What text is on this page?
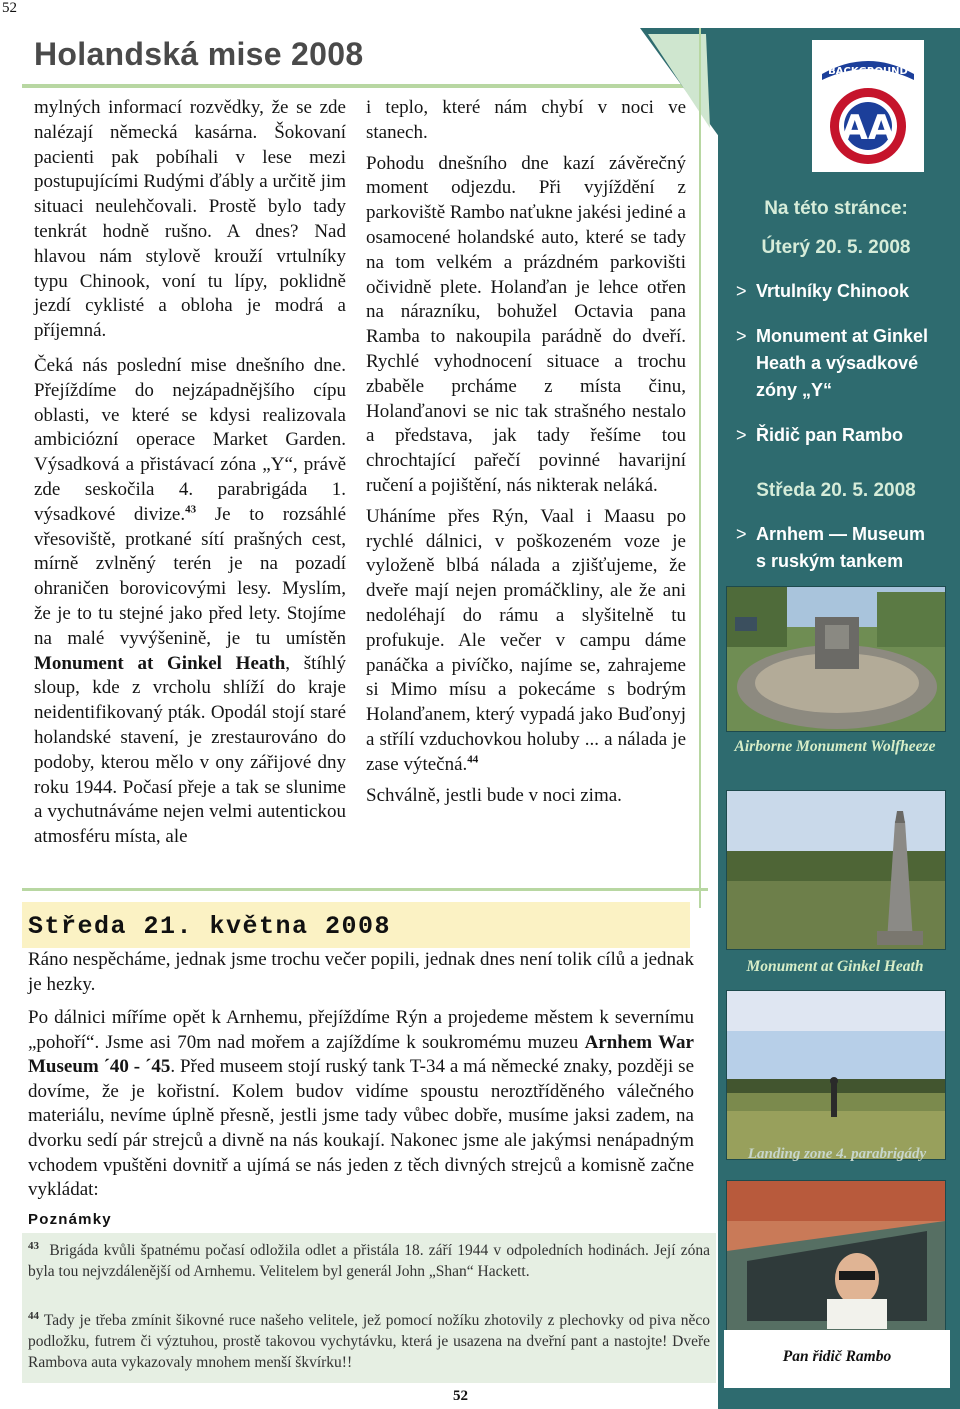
52
Holandská mise 2008

mylných informací rozvědky, že se zde nalézají německá kasárna. Šokovaní pacienti pak pobíhali v lese mezi postupujícími Rudými ďábly a určitě jim situaci neulehčovali. Prostě bylo tady tenkrát hodně rušno. A dnes? Nad hlavou nám stylově krouží vrtulníky typu Chinook, voní tu lípy, poklidně jezdí cyklisté a obloha je modrá a příjemná.

Čeká nás poslední mise dnešního dne. Přejíždíme do nejzápadnějšího cípu oblasti, ve které se kdysi realizovala ambiciózní operace Market Garden. Výsadková a přistávací zóna „Y“, právě zde seskočila 4. parabrigáda 1. výsadkové divize.$^{43}$ Je to rozsáhlé vřesoviště, protkané sítí prašných cest, mírně zvlněný terén je na pozadí ohraničen borovicovými lesy. Myslím, že je to tu stejné jako před lety. Stojíme na malé vyvýšenině, je tu umístěn Monument at Ginkel Heath, štíhlý sloup, kde z vrcholu shlíží do kraje neidentifikovaný pták. Opodál stojí staré holandské stavení, je zrestaurováno do podoby, kterou mělo v ony zářijové dny roku 1944. Počasí přeje a tak se slunime a vychutnáváme nejen velmi autentickou atmosféru místa, ale

i teplo, které nám chybí v noci ve stanech.

Pohodu dnešního dne kazí závěrečný moment odjezdu. Při vyjíždění z parkoviště Rambo naťukne jakési jediné a osamocené holandské auto, které se tady na tom velkém a prázdném parkovišti očividně plete. Holanďan je lehce otřen na nárazníku, bohužel Octavia pana Ramba to nakoupila parádně do dveří. Rychlé vyhodnocení situace a trochu zbaběle prcháme z místa činu, Holanďanovi se nic tak strašného nestalo a představa, jak tady řešíme tou chrochtající pařečí povinné havarijní ručení a pojištění, nás nikterak neláká.

Uháníme přes Rýn, Vaal i Maasu po rychlé dálnici, v poškozeném voze je vyloženě blbá nálada a zjišťujeme, že dveře mají nejen promáčkliny, ale že ani nedoléhají do rámu a slyšitelně tu profukuje. Ale večer v campu dáme panáčka a pivíčko, najíme se, zahrajeme si Mimo mísu a pokecáme s bodrým Holanďanem, který vypadá jako Buďonyj a střílí vzduchovkou holuby ... a nálada je zase výtečná.$^{44}$

Schválně, jestli bude v noci zima.

BACKGROUND
AA
Na této stránce:
Úterý 20. 5. 2008
> Vrtulníky Chinook
> Monument at Ginkel Heath a výsadkové zóny „Y“
> Řidič pan Rambo
Středa 20. 5. 2008
> Arnhem — Museum s ruským tankem
Airborne Monument Wolfheeze
Monument at Ginkel Heath
Landing zone 4. parabrigády
Pan řidič Rambo
Středa 21. května 2008
Ráno nespěcháme, jednak jsme trochu večer popili, jednak dnes není tolik cílů a jednak je hezky.
Po dálnici míříme opět k Arnhemu, přejíždíme Rýn a projedeme městem k severnímu „pohoří“. Jsme asi 70m nad mořem a zajíždíme k soukromému muzeu Arnhem War Museum ´40 - ´45. Před museem stojí ruský tank T-34 a má německé znaky, později se dovíme, že je kořistní. Kolem budov vidíme spoustu neroztříděného válečného materiálu, nevíme úplně přesně, jestli jsme tady vůbec dobře, musíme jaksi zadem, na dvorku sedí pár strejců a divně na nás koukají. Nakonec jsme ale jakýmsi nenápadným vchodem vpuštěni dovnitř a ujímá se nás jeden z těch divných strejců a komisně začne vykládat:
Poznámky
$^{43}$ Brigáda kvůli špatnému počasí odložila odlet a přistála 18. září 1944 v odpoledních hodinách. Její zóna byla tou nejvzdálenější od Arnhemu. Velitelem byl generál John „Shan“ Hackett.
$^{44}$ Tady je třeba zmínit šikovné ruce našeho velitele, jež pomocí nožíku zhotovily z plechovky od piva něco podložku, futrem či výztuhou, prostě takovou vychytávku, která je usazena na dveřní pant a nastojte! Dveře Rambova auta vykazovaly mnohem menší škvírku!!
52
